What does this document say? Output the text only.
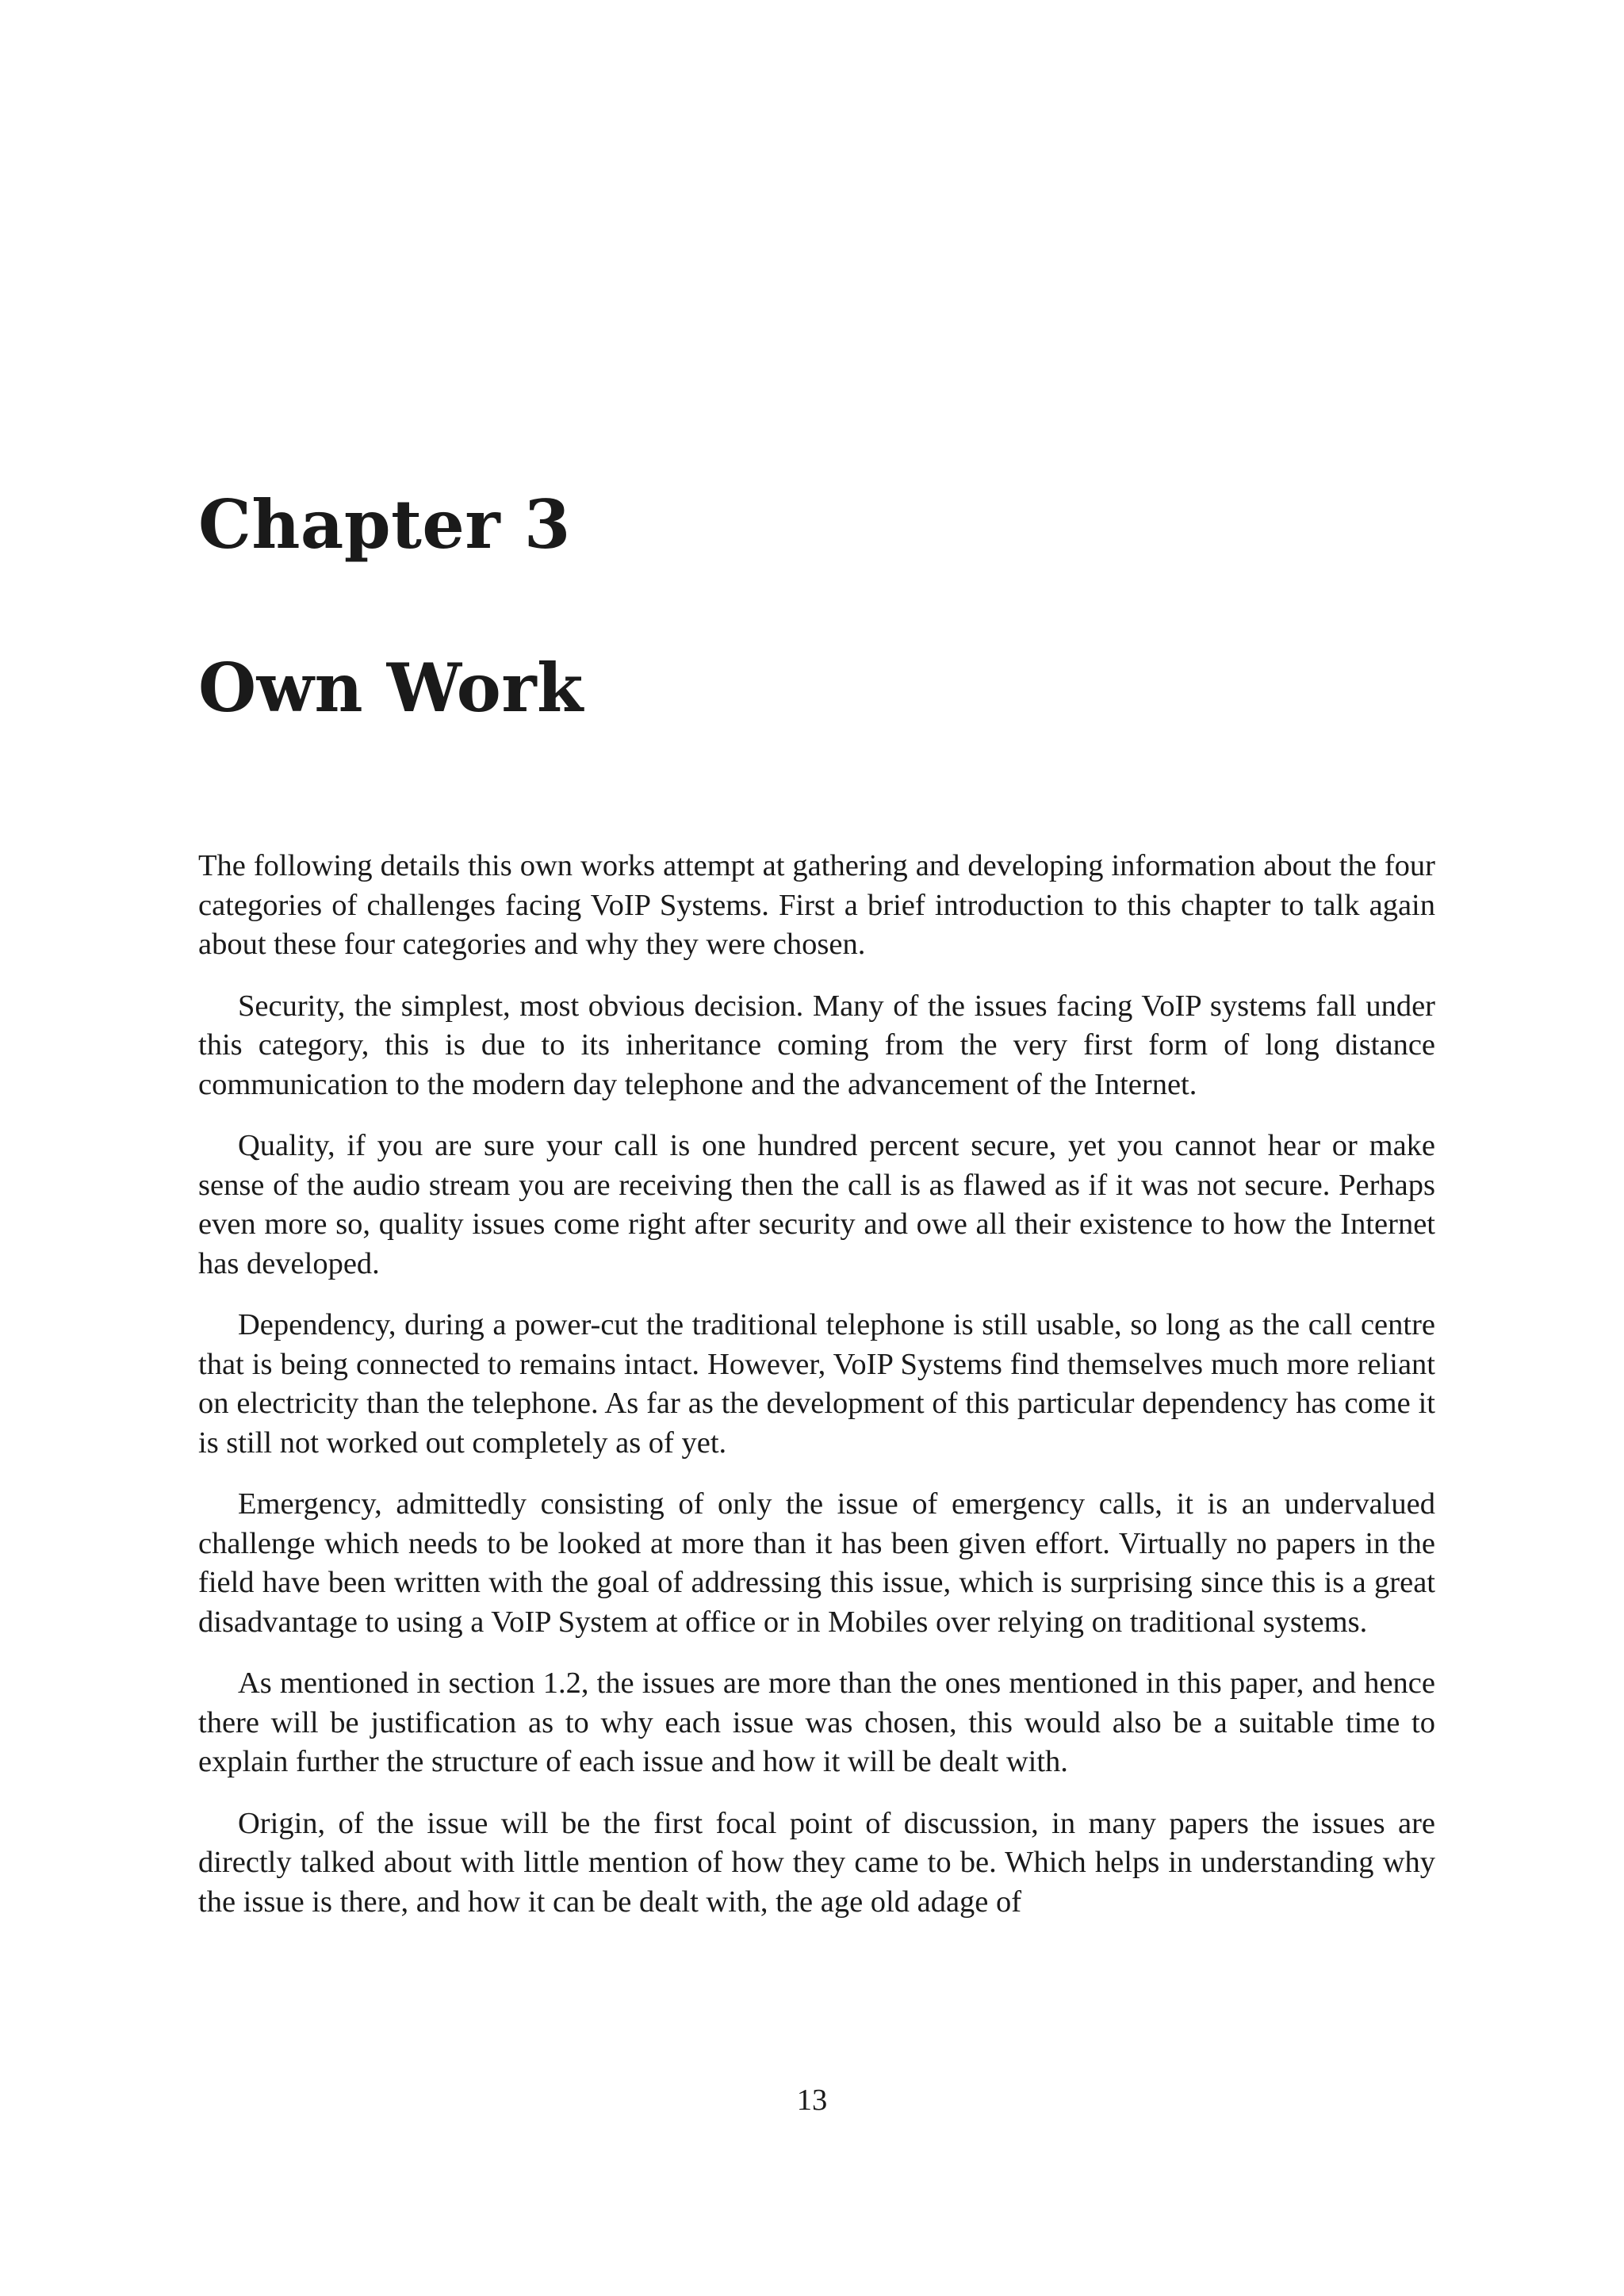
Chapter 3
Own Work

The following details this own works attempt at gathering and developing information about the four categories of challenges facing VoIP Systems. First a brief introduction to this chapter to talk again about these four categories and why they were chosen.

Security, the simplest, most obvious decision. Many of the issues facing VoIP systems fall under this category, this is due to its inheritance coming from the very first form of long distance communication to the modern day telephone and the advancement of the Internet.

Quality, if you are sure your call is one hundred percent secure, yet you cannot hear or make sense of the audio stream you are receiving then the call is as flawed as if it was not secure. Perhaps even more so, quality issues come right after security and owe all their existence to how the Internet has developed.

Dependency, during a power-cut the traditional telephone is still usable, so long as the call centre that is being connected to remains intact. However, VoIP Systems find themselves much more reliant on electricity than the telephone. As far as the development of this particular dependency has come it is still not worked out completely as of yet.

Emergency, admittedly consisting of only the issue of emergency calls, it is an undervalued challenge which needs to be looked at more than it has been given effort. Virtually no papers in the field have been written with the goal of addressing this issue, which is surprising since this is a great disadvantage to using a VoIP System at office or in Mobiles over relying on traditional systems.

As mentioned in section 1.2, the issues are more than the ones mentioned in this paper, and hence there will be justification as to why each issue was chosen, this would also be a suitable time to explain further the structure of each issue and how it will be dealt with.

Origin, of the issue will be the first focal point of discussion, in many papers the issues are directly talked about with little mention of how they came to be. Which helps in understanding why the issue is there, and how it can be dealt with, the age old adage of

13
